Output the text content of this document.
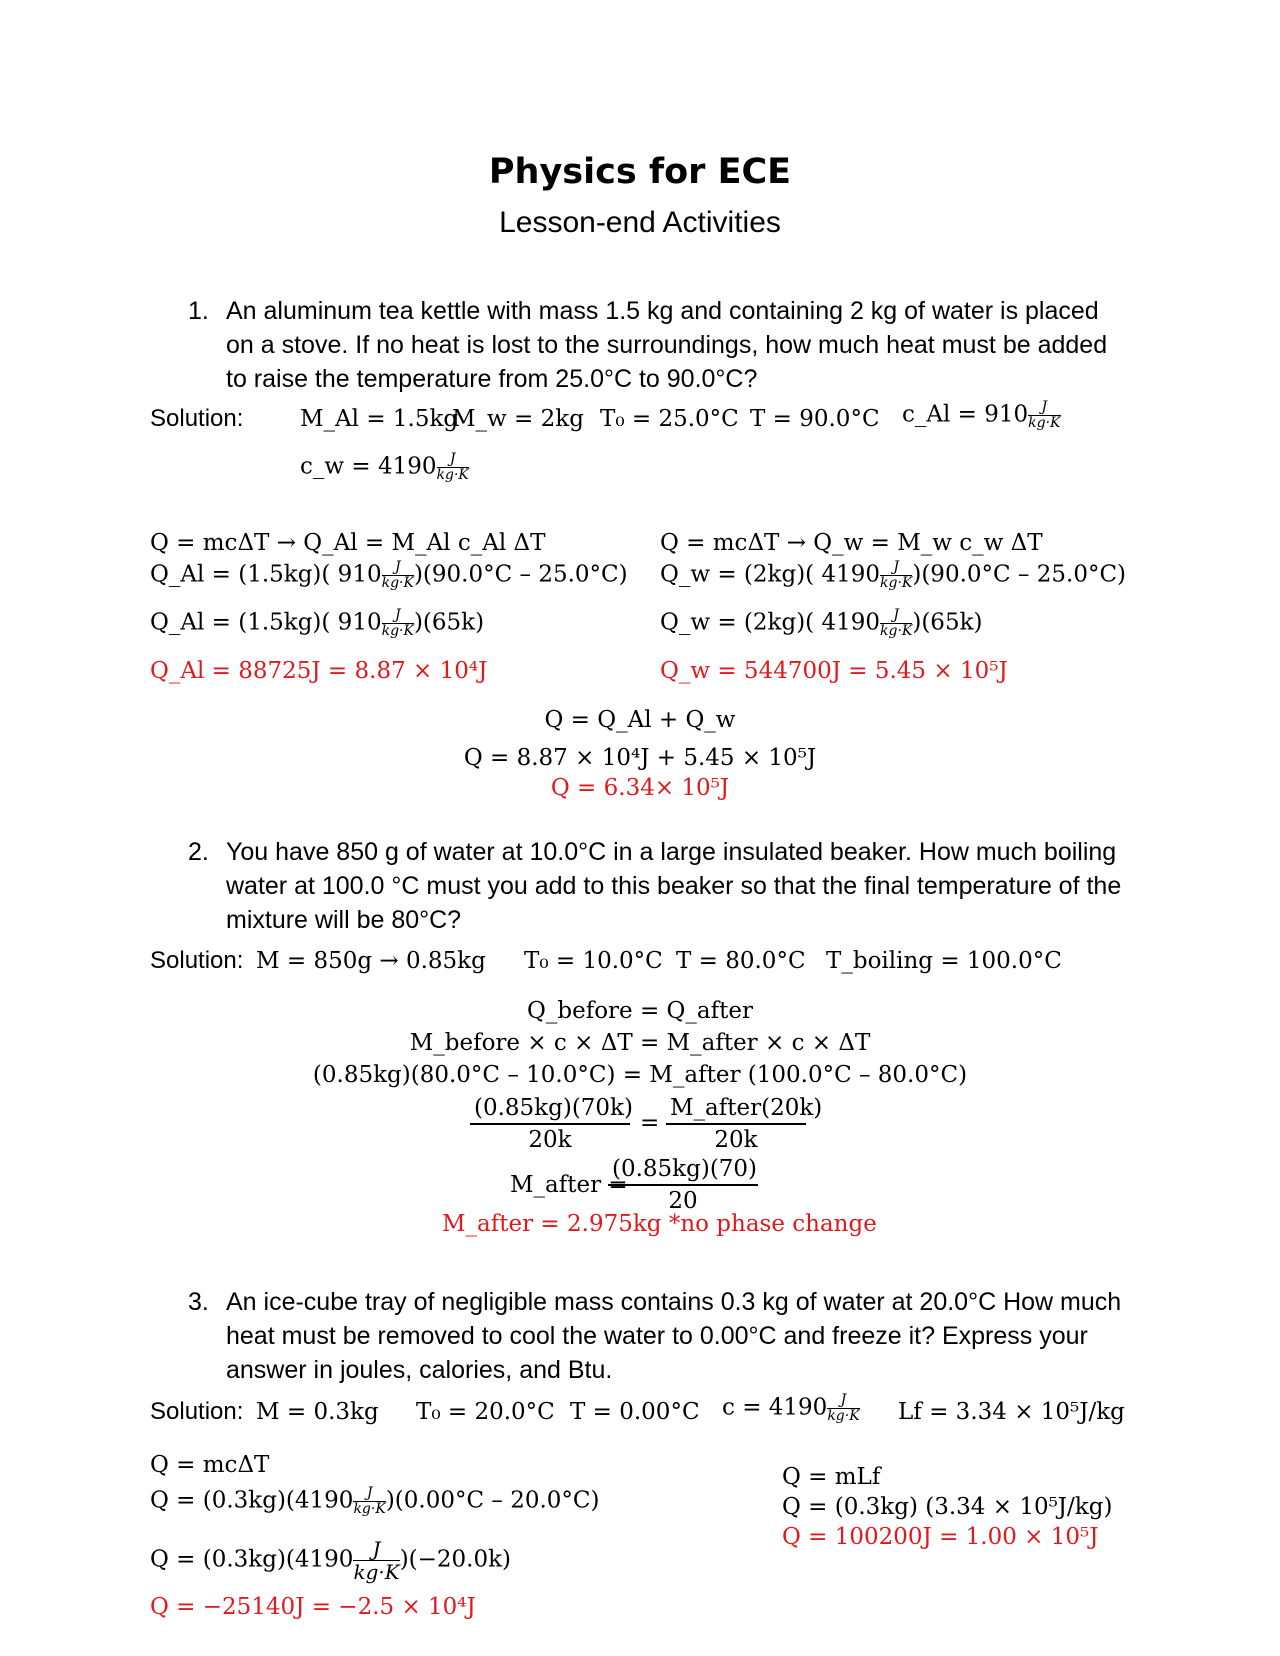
Physics for ECE
Lesson-end Activities
1. An aluminum tea kettle with mass 1.5 kg and containing 2 kg of water is placed
on a stove. If no heat is lost to the surroundings, how much heat must be added
to raise the temperature from 25.0°C to 90.0°C?
Solution: M_Al = 1.5kg
M_w = 2kg T₀ = 25.0°C T = 90.0°C c_Al = $910 \frac{J}{kg\cdot K}$
c_w = $4190 \frac{J}{kg\cdot K}$
Q = mcΔT → Q_Al = M_Al c_Al ΔT
Q_Al = (1.5kg)( $910 \frac{J}{kg\cdot K} )(90.0^\circ C - 25.0^\circ C)$
Q_Al = (1.5kg)( $910 \frac{J}{kg\cdot K} )(65k)$
Q_Al = 88725J = 8.87 × 10⁴J
Q = mcΔT → Q_w = M_w c_w ΔT
Q_w = (2kg)( $4190 \frac{J}{kg\cdot K} )(90.0^\circ C - 25.0^\circ C)$
Q_w = (2kg)( $4190 \frac{J}{kg\cdot K} )(65k)$
Q_w = 544700J = 5.45 × 10⁵J
Q = Q_Al + Q_w
Q = 8.87 × 10⁴J + 5.45 × 10⁵J
Q = 6.34× 10⁵J
2. You have 850 g of water at 10.0°C in a large insulated beaker. How much boiling
water at 100.0 °C must you add to this beaker so that the final temperature of the
mixture will be 80°C?
Solution: M = 850g → 0.85kg T₀ = 10.0°C T = 80.0°C T_boiling = 100.0°C
Q_before = Q_after
M_before × c × ΔT = M_after × c × ΔT
(0.85kg)(80.0°C – 10.0°C) = M_after (100.0°C – 80.0°C)
$\frac{(0.85kg)(70k)}{20k}$ =
M_after(20k)
20k
M_after =
$\frac{(0.85kg)(70)}{20}$
M_after = 2.975kg *no phase change
3. An ice-cube tray of negligible mass contains 0.3 kg of water at 20.0°C How much
heat must be removed to cool the water to 0.00°C and freeze it? Express your
answer in joules, calories, and Btu.
Solution: M = 0.3kg T₀ = 20.0°C T = 0.00°C $c = 4190 \frac{J}{kg\cdot K}$ Lf = 3.34 × 10⁵J/kg
Q = mcΔT
$Q = (0.3kg)(4190 \frac{J}{kg\cdot K} )(0.00^\circ C - 20.0^\circ C)$
$Q = (0.3kg)(4190 \frac{J}{kg\cdot K} )(-20.0k)$
Q = −25140J = −2.5 × 10⁴J
Q = mLf
Q = (0.3kg) (3.34 × 10⁵J/kg)
Q = 100200J = 1.00 × 10⁵J
